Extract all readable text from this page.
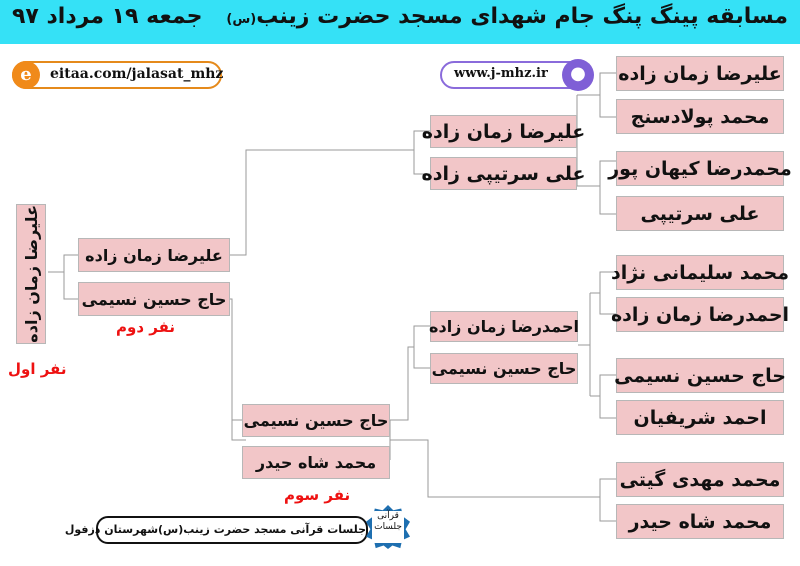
مسابقه پینگ پنگ جام شهدای مسجد حضرت زینب(س)
جمعه ۱۹ مرداد ۹۷
e	eitaa.com/jalasat_mhz	www.j-mhz.ir	●	علیرضا زمان زاده
محمد پولادسنج
محمدرضا کیهان پور
علی سرتیپی
محمد سلیمانی نژاد
احمدرضا زمان زاده
حاج حسین نسیمی
احمد شریفیان
محمد مهدی گیتی
محمد شاه حیدر
علیرضا زمان زاده
علی سرتیپی زاده
احمدرضا زمان زاده
حاج حسین نسیمی
حاج حسین نسیمی
محمد شاه حیدر
علیرضا زمان زاده
حاج حسین نسیمی
علیرضا زمان زاده
نفر اول
نفر دوم
نفر سوم
جلسات قرآنی مسجد حضرت زینب(س)شهرستان دزفول
قرآنی جلسات
